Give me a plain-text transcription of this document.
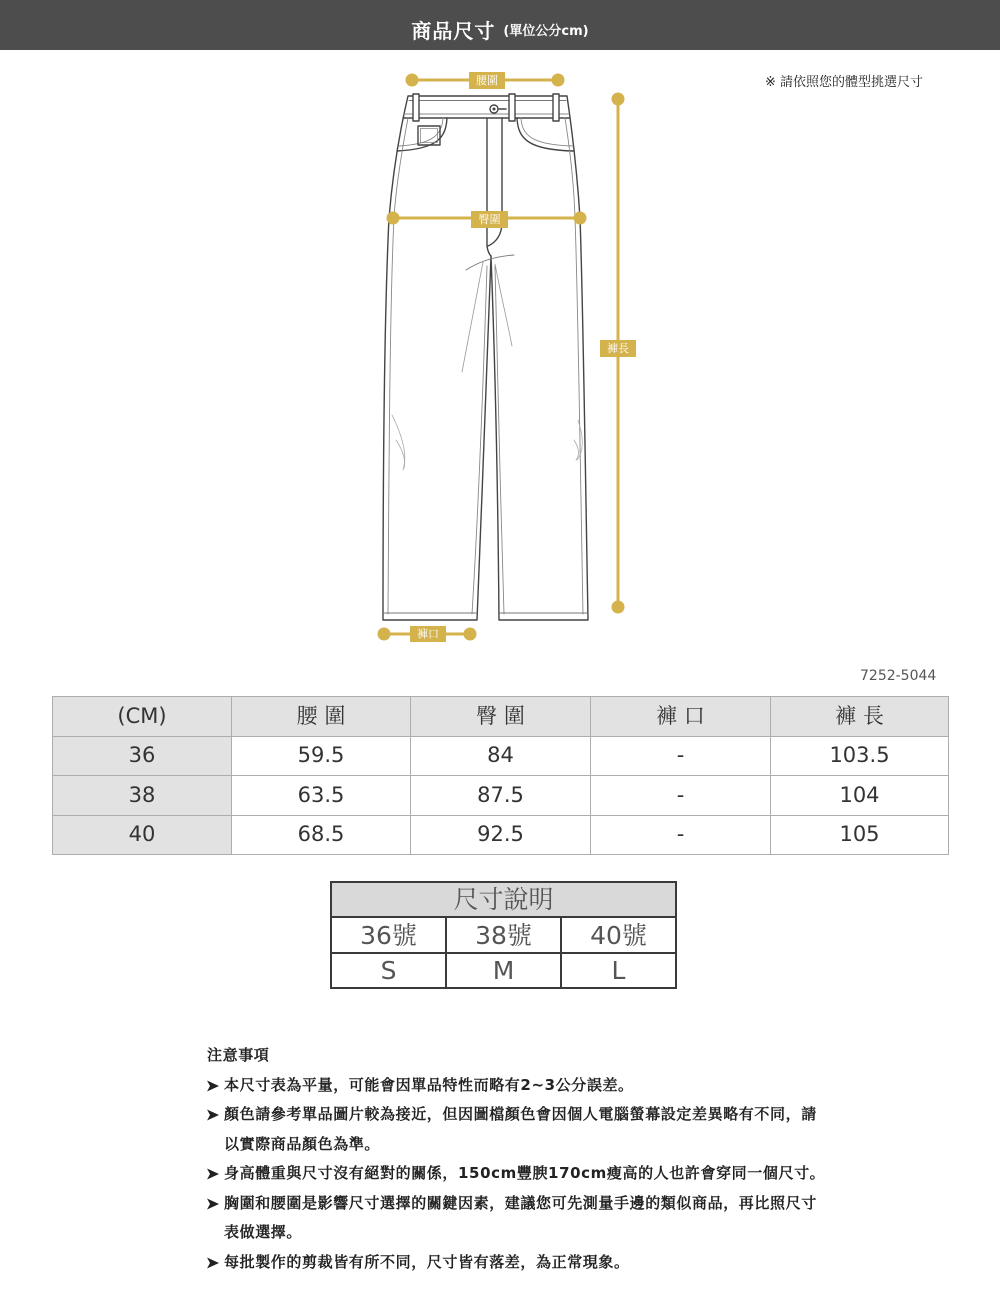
商品尺寸 (單位公分cm)
腰圍
臀圍
褲長
褲口
※ 請依照您的體型挑選尺寸
7252-5044
(CM)	腰 圍	臀 圍	褲 口	褲 長
36	59.5	84	-	103.5
38	63.5	87.5	-	104
40	68.5	92.5	-	105
尺寸說明		
36號	38號	40號
S	M	L
注意事項
本尺寸表為平量，可能會因單品特性而略有2~3公分誤差。
顏色請參考單品圖片較為接近，但因圖檔顏色會因個人電腦螢幕設定差異略有不同，請
以實際商品顏色為準。
身高體重與尺寸沒有絕對的關係，150cm豐腴170cm瘦高的人也許會穿同一個尺寸。
胸圍和腰圍是影響尺寸選擇的關鍵因素，建議您可先測量手邊的類似商品，再比照尺寸
表做選擇。
每批製作的剪裁皆有所不同，尺寸皆有落差，為正常現象。
